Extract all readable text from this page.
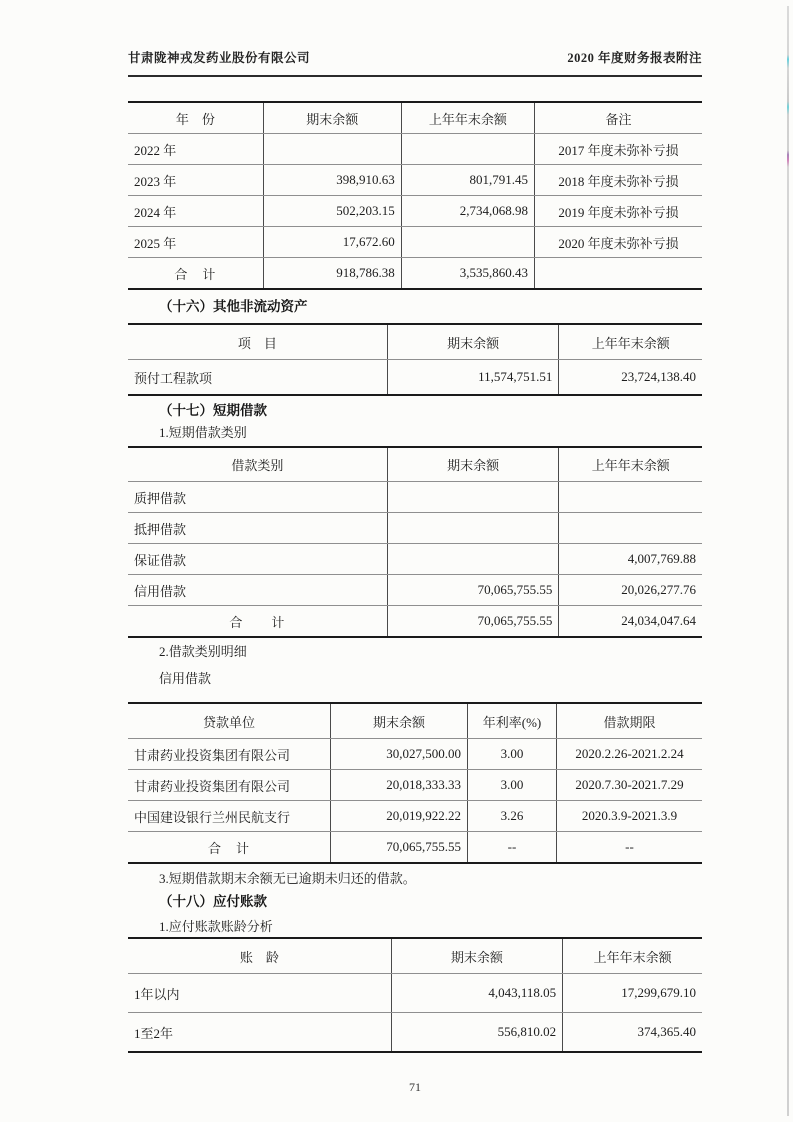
甘肃陇神戎发药业股份有限公司	2020 年度财务报表附注
年　份	期末余额	上年年末余额	备注
2022 年			2017 年度未弥补亏损
2023 年	398,910.63	801,791.45	2018 年度未弥补亏损
2024 年	502,203.15	2,734,068.98	2019 年度未弥补亏损
2025 年	17,672.60		2020 年度未弥补亏损
合　计	918,786.38	3,535,860.43	
（十六）其他非流动资产
项　目	期末余额	上年年末余额
预付工程款项	11,574,751.51	23,724,138.40
（十七）短期借款
1.短期借款类别
借款类别	期末余额	上年年末余额
质押借款		
抵押借款		
保证借款		4,007,769.88
信用借款	70,065,755.55	20,026,277.76
合　　计	70,065,755.55	24,034,047.64
2.借款类别明细
信用借款
贷款单位	期末余额	年利率(%)	借款期限
甘肃药业投资集团有限公司	30,027,500.00	3.00	2020.2.26-2021.2.24
甘肃药业投资集团有限公司	20,018,333.33	3.00	2020.7.30-2021.7.29
中国建设银行兰州民航支行	20,019,922.22	3.26	2020.3.9-2021.3.9
合　计	70,065,755.55	--	--
3.短期借款期末余额无已逾期未归还的借款。
（十八）应付账款
1.应付账款账龄分析
账　龄	期末余额	上年年末余额
1年以内	4,043,118.05	17,299,679.10
1至2年	556,810.02	374,365.40
71
